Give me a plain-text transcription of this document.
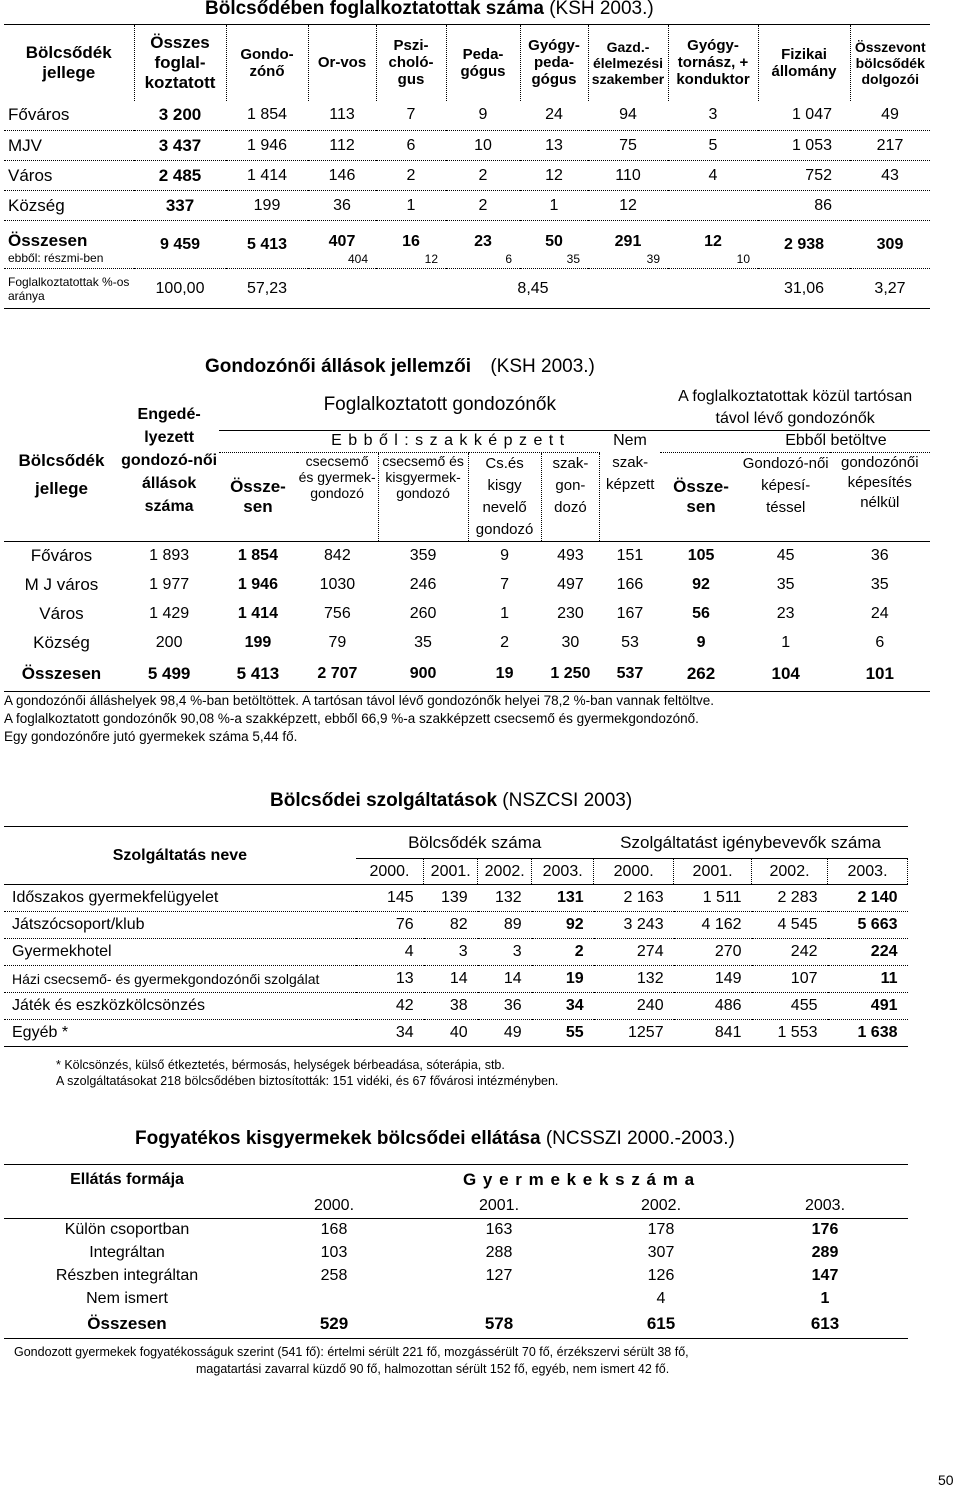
Bölcsődében foglalkoztatottak száma (KSH 2003.)
Bölcsődék jellege	Összes foglal-koztatott	Gondo-zónő	Or-vos	Pszi-choló-gus	Peda-gógus	Gyógy-peda-gógus	Gazd.-élelmezési szakember	Gyógy-tornász, + konduktor	Fizikai állomány	Összevont bölcsődék dolgozói
Főváros	3 200	1 854	113	7	9	24	94	3	1 047	49
MJV	3 437	1 946	112	6	10	13	75	5	1 053	217
Város	2 485	1 414	146	2	2	12	110	4	752	43
Község	337	199	36	1	2	1	12		86	
Összesen	9 459	5 413	407	16	23	50	291	12	2 938	309
ebből: részmi-ben			404	12	6	35	39	10		
Foglalkoztatottak %-os aránya	100,00	57,23	8,45						31,06	3,27
Gondozónői állások jellemzői (KSH 2003.)
Bölcsődék jellege	Engedé-lyezett gondozó-női állások száma	Foglalkoztatott gondozónők						A foglalkoztatottak közül tartósan távol lévő gondozónők		
			E b b ő l : s z a k k é p z e t t				Nem		Ebből betöltve	
		Össze-sen	csecsemő és gyermek-gondozó	csecsemő és kisgyermek-gondozó	Cs.és kisgy nevelő gondozó	szak-gon-dozó	szak-képzett	Össze-sen	Gondozó-női képesí-téssel	gondozónői képesítés nélkül
Főváros	1 893	1 854	842	359	9	493	151	105	45	36
M J város	1 977	1 946	1030	246	7	497	166	92	35	35
Város	1 429	1 414	756	260	1	230	167	56	23	24
Község	200	199	79	35	2	30	53	9	1	6
Összesen	5 499	5 413	2 707	900	19	1 250	537	262	104	101
A gondozónői álláshelyek 98,4 %-ban betöltöttek. A tartósan távol lévő gondozónők helyei 78,2 %-ban vannak feltöltve.
A foglalkoztatott gondozónők 90,08 %-a szakképzett, ebből 66,9 %-a szakképzett csecsemő és gyermekgondozónő.
Egy gondozónőre jutó gyermekek száma 5,44 fő.
Bölcsődei szolgáltatások (NSZCSI 2003)
Szolgáltatás neve	Bölcsődék száma				Szolgáltatást igénybevevők száma			
	2000.	2001.	2002.	2003.	2000.	2001.	2002.	2003.
Időszakos gyermekfelügyelet	145	139	132	131	2 163	1 511	2 283	2 140
Játszócsoport/klub	76	82	89	92	3 243	4 162	4 545	5 663
Gyermekhotel	4	3	3	2	274	270	242	224
Házi csecsemő- és gyermekgondozónői szolgálat	13	14	14	19	132	149	107	11
Játék és eszközkölcsönzés	42	38	36	34	240	486	455	491
Egyéb *	34	40	49	55	1257	841	1 553	1 638
* Kölcsönzés, külső étkeztetés, bérmosás, helységek bérbeadása, sóterápia, stb.
A szolgáltatásokat 218 bölcsődében biztosították: 151 vidéki, és 67 fővárosi intézményben.
Fogyatékos kisgyermekek bölcsődei ellátása (NCSSZI 2000.-2003.)
Ellátás formája	G y e r m e k e k s z á m a			
	2000.	2001.	2002.	2003.
Külön csoportban	168	163	178	176
Integráltan	103	288	307	289
Részben integráltan	258	127	126	147
Nem ismert			4	1
Összesen	529	578	615	613
Gondozott gyermekek fogyatékosságuk szerint (541 fő): értelmi sérült 221 fő, mozgássérült 70 fő, érzékszervi sérült 38 fő,
magatartási zavarral küzdő 90 fő, halmozottan sérült 152 fő, egyéb, nem ismert 42 fő.
50
